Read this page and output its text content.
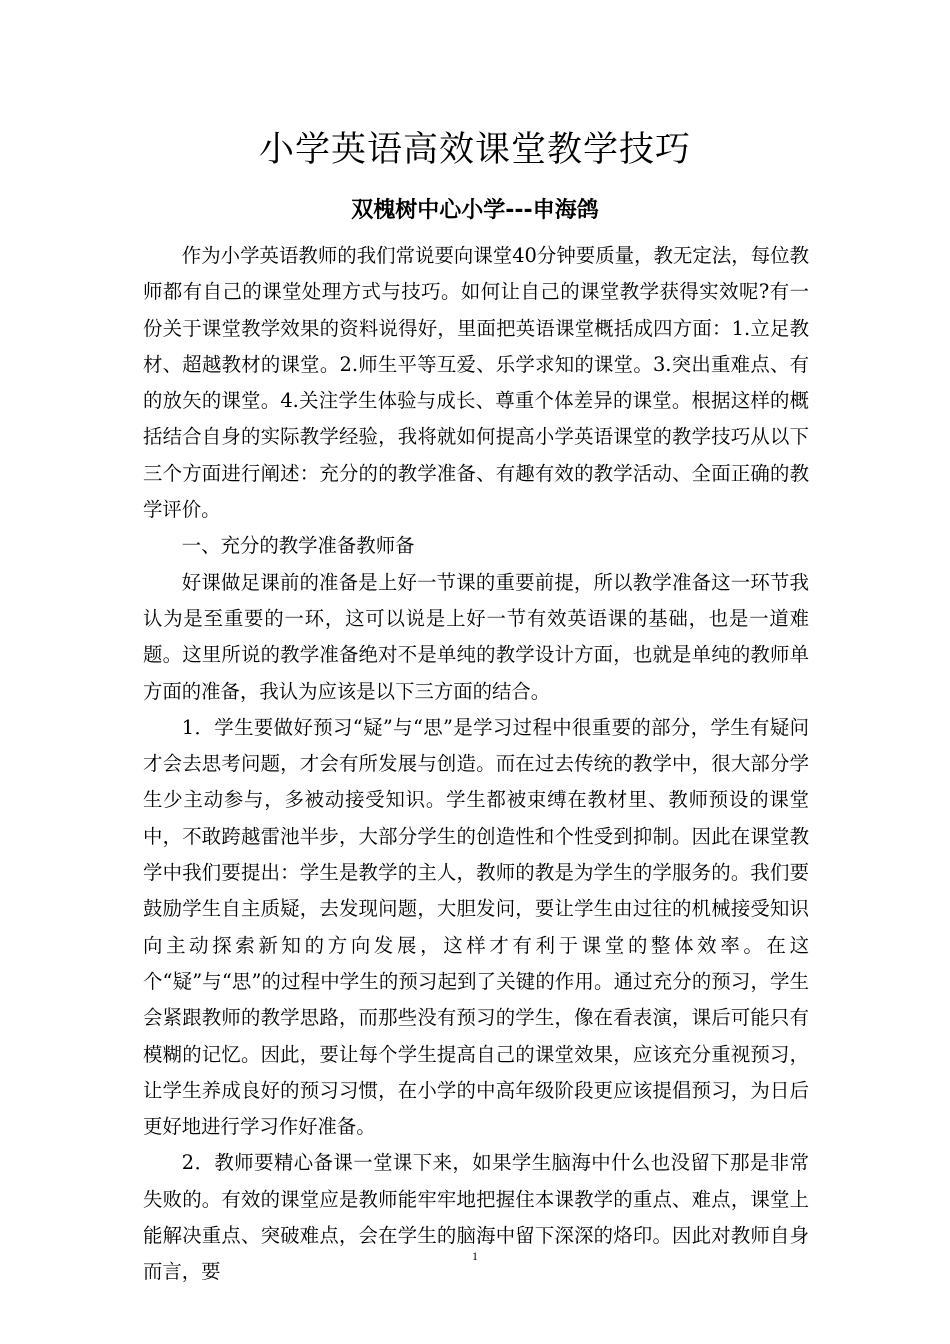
小学英语高效课堂教学技巧
双槐树中心小学---申海鸽

作为小学英语教师的我们常说要向课堂40分钟要质量，教无定法，每位教师都有自己的课堂处理方式与技巧。如何让自己的课堂教学获得实效呢?有一份关于课堂教学效果的资料说得好，里面把英语课堂概括成四方面：1.立足教材、超越教材的课堂。2.师生平等互爱、乐学求知的课堂。3.突出重难点、有的放矢的课堂。4.关注学生体验与成长、尊重个体差异的课堂。根据这样的概括结合自身的实际教学经验，我将就如何提高小学英语课堂的教学技巧从以下三个方面进行阐述：充分的的教学准备、有趣有效的教学活动、全面正确的教学评价。

一、充分的教学准备教师备

好课做足课前的准备是上好一节课的重要前提，所以教学准备这一环节我认为是至重要的一环，这可以说是上好一节有效英语课的基础，也是一道难题。这里所说的教学准备绝对不是单纯的教学设计方面，也就是单纯的教师单方面的准备，我认为应该是以下三方面的结合。

1．学生要做好预习“疑”与“思”是学习过程中很重要的部分，学生有疑问才会去思考问题，才会有所发展与创造。而在过去传统的教学中，很大部分学生少主动参与，多被动接受知识。学生都被束缚在教材里、教师预设的课堂中，不敢跨越雷池半步，大部分学生的创造性和个性受到抑制。因此在课堂教学中我们要提出：学生是教学的主人，教师的教是为学生的学服务的。我们要鼓励学生自主质疑，去发现问题，大胆发问，要让学生由过往的机械接受知识向主动探索新知的方向发展，这样才有利于课堂的整体效率。在这个“疑”与“思”的过程中学生的预习起到了关键的作用。通过充分的预习，学生会紧跟教师的教学思路，而那些没有预习的学生，像在看表演，课后可能只有模糊的记忆。因此，要让每个学生提高自己的课堂效果，应该充分重视预习，让学生养成良好的预习习惯，在小学的中高年级阶段更应该提倡预习，为日后更好地进行学习作好准备。

2．教师要精心备课一堂课下来，如果学生脑海中什么也没留下那是非常失败的。有效的课堂应是教师能牢牢地把握住本课教学的重点、难点，课堂上能解决重点、突破难点，会在学生的脑海中留下深深的烙印。因此对教师自身而言，要

1
